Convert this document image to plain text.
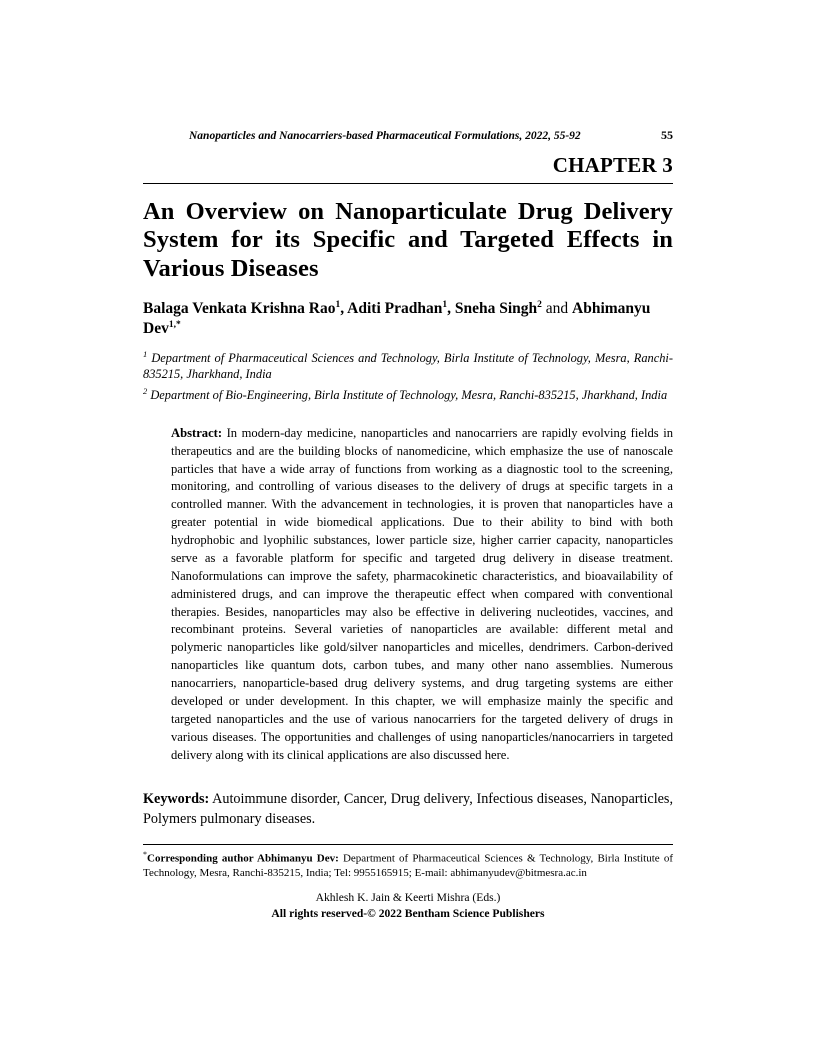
Nanoparticles and Nanocarriers-based Pharmaceutical Formulations, 2022, 55-92	55
CHAPTER 3
An Overview on Nanoparticulate Drug Delivery System for its Specific and Targeted Effects in Various Diseases

Balaga Venkata Krishna Rao$^1$, Aditi Pradhan$^1$, Sneha Singh$^2$ and Abhimanyu Dev$^{1,*}$

$^1$ Department of Pharmaceutical Sciences and Technology, Birla Institute of Technology, Mesra, Ranchi-835215, Jharkhand, India

$^2$ Department of Bio-Engineering, Birla Institute of Technology, Mesra, Ranchi-835215, Jharkhand, India

Abstract: In modern-day medicine, nanoparticles and nanocarriers are rapidly evolving fields in therapeutics and are the building blocks of nanomedicine, which emphasize the use of nanoscale particles that have a wide array of functions from working as a diagnostic tool to the screening, monitoring, and controlling of various diseases to the delivery of drugs at specific targets in a controlled manner. With the advancement in technologies, it is proven that nanoparticles have a greater potential in wide biomedical applications. Due to their ability to bind with both hydrophobic and lyophilic substances, lower particle size, higher carrier capacity, nanoparticles serve as a favorable platform for specific and targeted drug delivery in disease treatment. Nanoformulations can improve the safety, pharmacokinetic characteristics, and bioavailability of administered drugs, and can improve the therapeutic effect when compared with conventional therapies. Besides, nanoparticles may also be effective in delivering nucleotides, vaccines, and recombinant proteins. Several varieties of nanoparticles are available: different metal and polymeric nanoparticles like gold/silver nanoparticles and micelles, dendrimers. Carbon-derived nanoparticles like quantum dots, carbon tubes, and many other nano assemblies. Numerous nanocarriers, nanoparticle-based drug delivery systems, and drug targeting systems are either developed or under development. In this chapter, we will emphasize mainly the specific and targeted nanoparticles and the use of various nanocarriers for the targeted delivery of drugs in various diseases. The opportunities and challenges of using nanoparticles/nanocarriers in targeted delivery along with its clinical applications are also discussed here.
Keywords: Autoimmune disorder, Cancer, Drug delivery, Infectious diseases, Nanoparticles, Polymers pulmonary diseases.

*Corresponding author Abhimanyu Dev: Department of Pharmaceutical Sciences & Technology, Birla Institute of Technology, Mesra, Ranchi-835215, India; Tel: 9955165915; E-mail: abhimanyudev@bitmesra.ac.in

Akhlesh K. Jain & Keerti Mishra (Eds.)
All rights reserved-© 2022 Bentham Science Publishers
